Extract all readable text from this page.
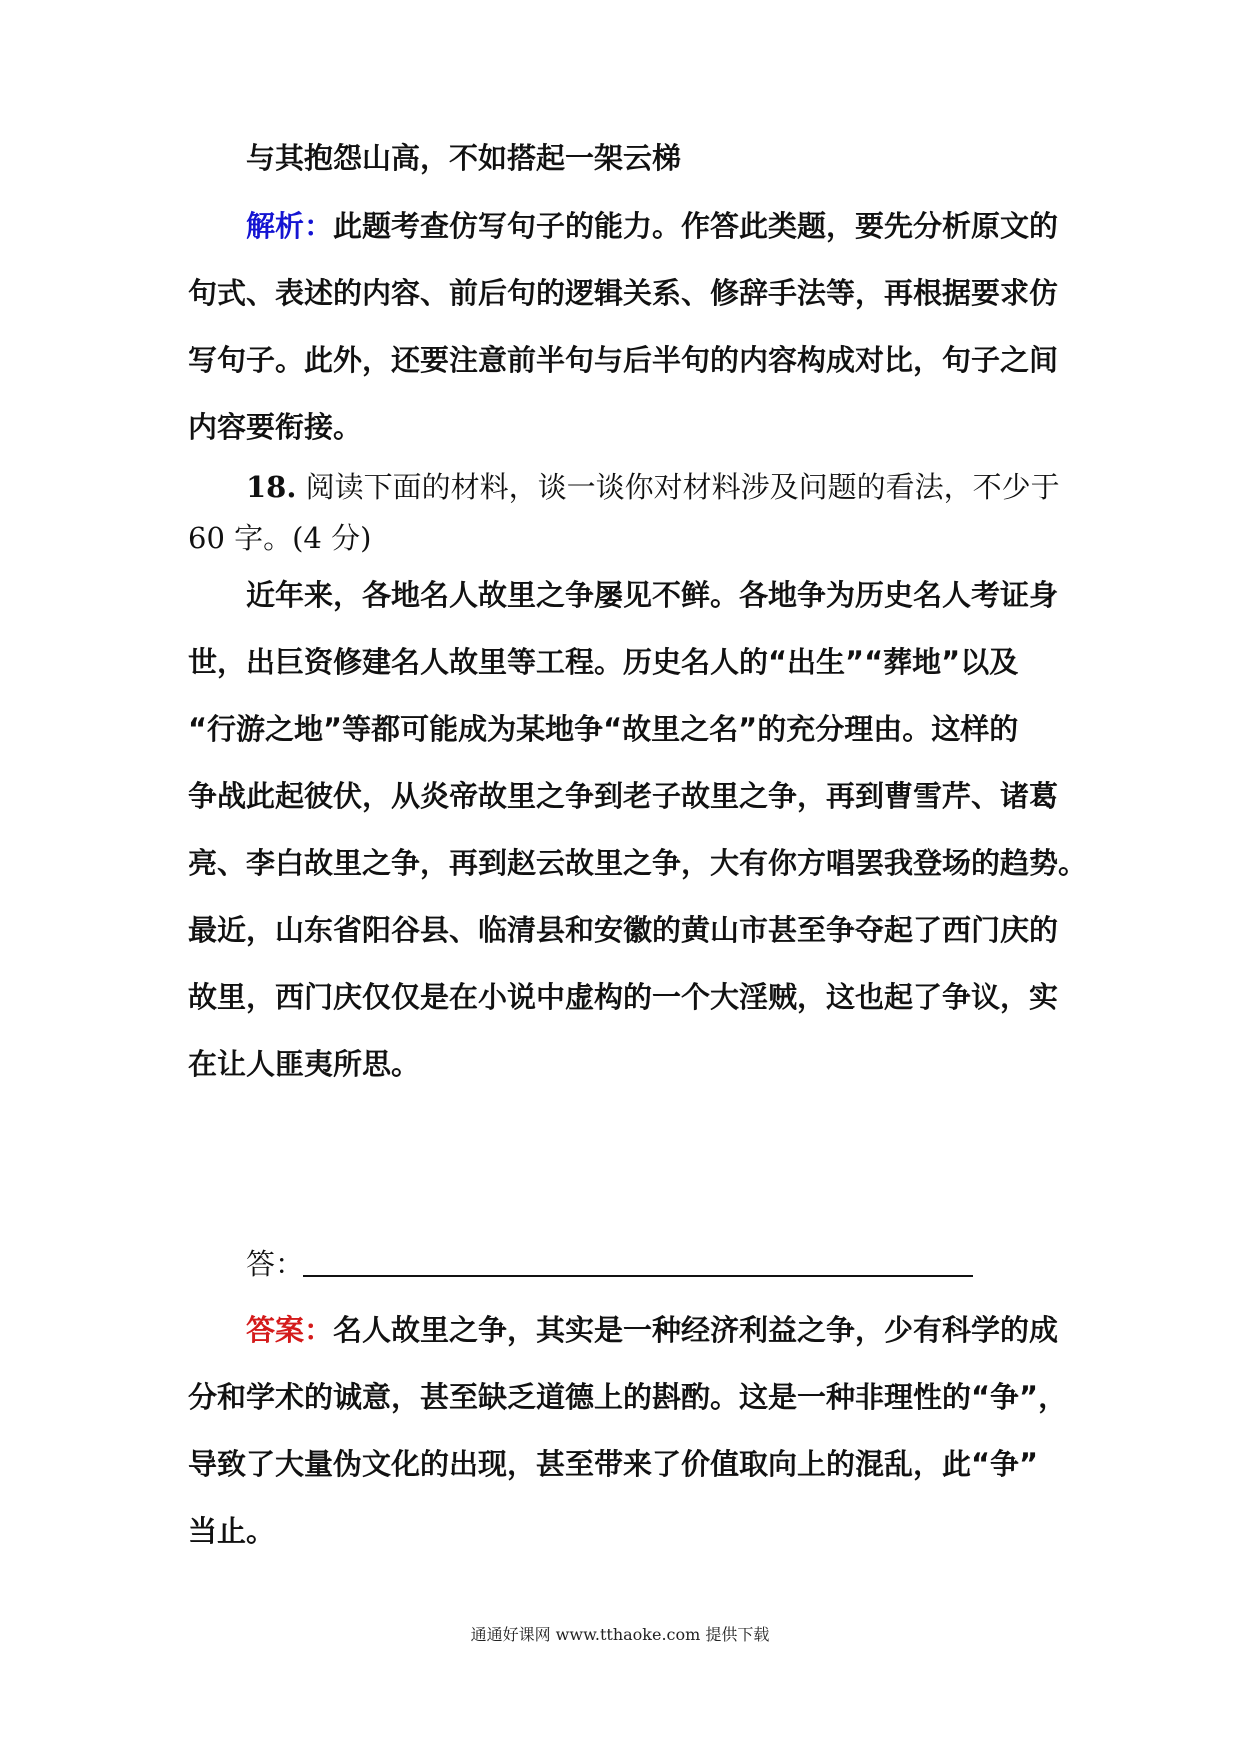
与其抱怨山高，不如搭起一架云梯
解析：此题考查仿写句子的能力。作答此类题，要先分析原文的
句式、表述的内容、前后句的逻辑关系、修辞手法等，再根据要求仿
写句子。此外，还要注意前半句与后半句的内容构成对比，句子之间
内容要衔接。
18. 阅读下面的材料，谈一谈你对材料涉及问题的看法，不少于
60 字。(4 分)
近年来，各地名人故里之争屡见不鲜。各地争为历史名人考证身
世，出巨资修建名人故里等工程。历史名人的“出生”“葬地”以及
“行游之地”等都可能成为某地争“故里之名”的充分理由。这样的
争战此起彼伏，从炎帝故里之争到老子故里之争，再到曹雪芹、诸葛
亮、李白故里之争，再到赵云故里之争，大有你方唱罢我登场的趋势。
最近，山东省阳谷县、临清县和安徽的黄山市甚至争夺起了西门庆的
故里，西门庆仅仅是在小说中虚构的一个大淫贼，这也起了争议，实
在让人匪夷所思。
答：
答案：名人故里之争，其实是一种经济利益之争，少有科学的成
分和学术的诚意，甚至缺乏道德上的斟酌。这是一种非理性的“争”，
导致了大量伪文化的出现，甚至带来了价值取向上的混乱，此“争”
当止。
通通好课网 www.tthaoke.com 提供下载
